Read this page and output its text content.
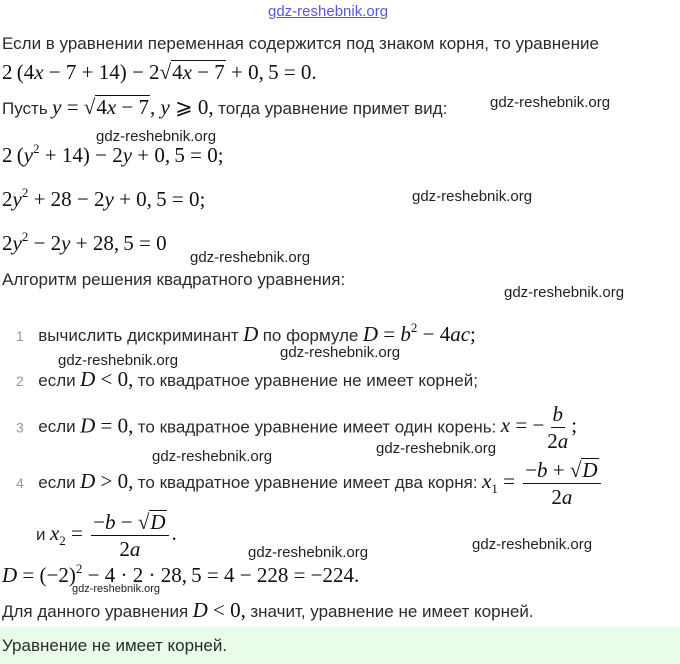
gdz-reshebnik.org
Если в уравнении переменная содержится под знаком корня, то уравнение
2 (4x − 7 + 14) − 2√4x − 7 + 0, 5 = 0.
Пусть y = √4x − 7, y ⩾ 0, тогда уравнение примет вид:
2 $(y^2 + 14) - 2y + 0$, 5 = 0;
$2y^2 + 28 - 2y + 0$, 5 = 0;
$2y^2 - 2y + 28$, 5 = 0
Алгоритм решения квадратного уравнения:
1 вычислить дискриминант D по формуле $D = b^2 - 4ac$;
2 если D < 0, то квадратное уравнение не имеет корней;
3 если D = 0, то квадратное уравнение имеет один корень: x = − $\frac{b}{2a}$ ;
4 если D > 0, то квадратное уравнение имеет два корня: $x_1 = \frac{-b + √D}{2a}$
и $x_2 = \frac{-b - √D}{2a}$ .
$D = (-2)^2 - 4 \cdot 2 \cdot 28$, 5 = 4 − 228 = −224.
Для данного уравнения D < 0, значит, уравнение не имеет корней.
Уравнение не имеет корней.
gdz-reshebnik.org
gdz-reshebnik.org
gdz-reshebnik.org
gdz-reshebnik.org
gdz-reshebnik.org
gdz-reshebnik.org
gdz-reshebnik.org
gdz-reshebnik.org
gdz-reshebnik.org
gdz-reshebnik.org
gdz-reshebnik.org
gdz-reshebnik.org
